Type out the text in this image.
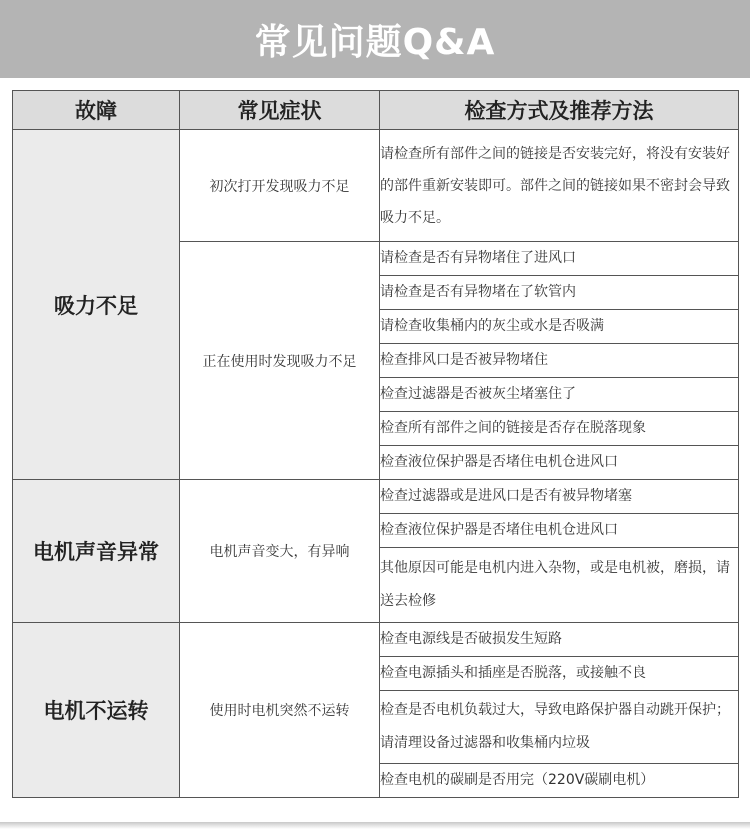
常见问题Q&A
故障	常见症状	检查方式及推荐方法
吸力不足	初次打开发现吸力不足	请检查所有部件之间的链接是否安装完好，将没有安装好的部件重新安装即可。部件之间的链接如果不密封会导致吸力不足。
	正在使用时发现吸力不足	请检查是否有异物堵住了进风口
		请检查是否有异物堵在了软管内
		请检查收集桶内的灰尘或水是否吸满
		检查排风口是否被异物堵住
		检查过滤器是否被灰尘堵塞住了
		检查所有部件之间的链接是否存在脱落现象
		检查液位保护器是否堵住电机仓进风口
电机声音异常	电机声音变大，有异响	检查过滤器或是进风口是否有被异物堵塞
		检查液位保护器是否堵住电机仓进风口
		其他原因可能是电机内进入杂物，或是电机被，磨损，请送去检修
电机不运转	使用时电机突然不运转	检查电源线是否破损发生短路
		检查电源插头和插座是否脱落，或接触不良
		检查是否电机负载过大，导致电路保护器自动跳开保护；请清理设备过滤器和收集桶内垃圾
		检查电机的碳刷是否用完（220V碳刷电机）
